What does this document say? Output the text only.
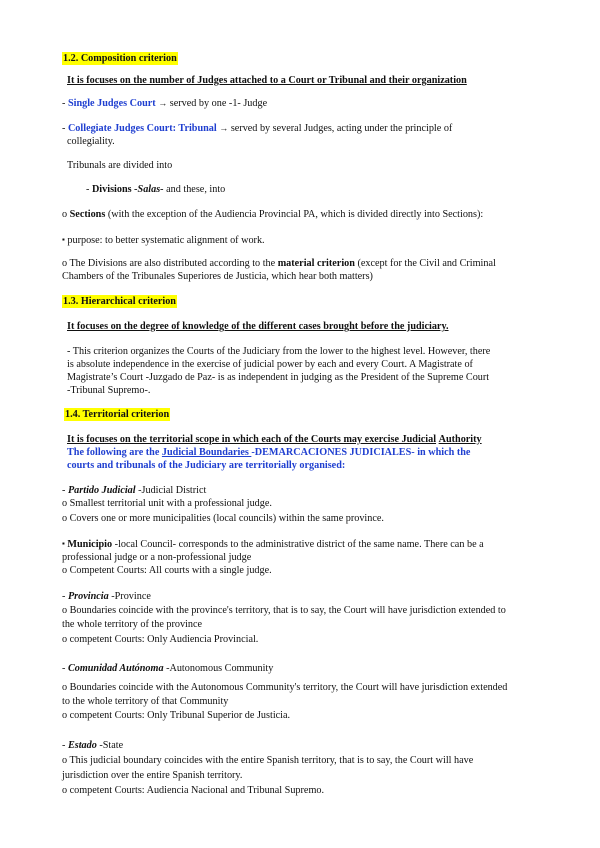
1.2. Composition criterion
It is focuses on the number of Judges attached to a Court or Tribunal and their organization
- Single Judges Court → served by one -1- Judge
- Collegiate Judges Court: Tribunal → served by several Judges, acting under the principle of
collegiality.
Tribunals are divided into
- Divisions -Salas- and these, into
o Sections (with the exception of the Audiencia Provincial PA, which is divided directly into Sections):
▪ purpose: to better systematic alignment of work.
o The Divisions are also distributed according to the material criterion (except for the Civil and Criminal
Chambers of the Tribunales Superiores de Justicia, which hear both matters)
1.3. Hierarchical criterion
It focuses on the degree of knowledge of the different cases brought before the judiciary.
- This criterion organizes the Courts of the Judiciary from the lower to the highest level. However, there
is absolute independence in the exercise of judicial power by each and every Court. A Magistrate of
Magistrate’s Court -Juzgado de Paz- is as independent in judging as the President of the Supreme Court
-Tribunal Supremo-.
1.4. Territorial criterion
It is focuses on the territorial scope in which each of the Courts may exercise Judicial Authority
The following are the Judicial Boundaries -DEMARCACIONES JUDICIALES- in which the
courts and tribunals of the Judiciary are territorially organised:
- Partido Judicial -Judicial District
o Smallest territorial unit with a professional judge.
o Covers one or more municipalities (local councils) within the same province.
▪ Municipio -local Council- corresponds to the administrative district of the same name. There can be a
professional judge or a non-professional judge
o Competent Courts: All courts with a single judge.
- Provincia -Province
o Boundaries coincide with the province's territory, that is to say, the Court will have jurisdiction extended to
the whole territory of the province
o competent Courts: Only Audiencia Provincial.
- Comunidad Autónoma -Autonomous Community
o Boundaries coincide with the Autonomous Community's territory, the Court will have jurisdiction extended
to the whole territory of that Community
o competent Courts: Only Tribunal Superior de Justicia.
- Estado -State
o This judicial boundary coincides with the entire Spanish territory, that is to say, the Court will have
jurisdiction over the entire Spanish territory.
o competent Courts: Audiencia Nacional and Tribunal Supremo.
